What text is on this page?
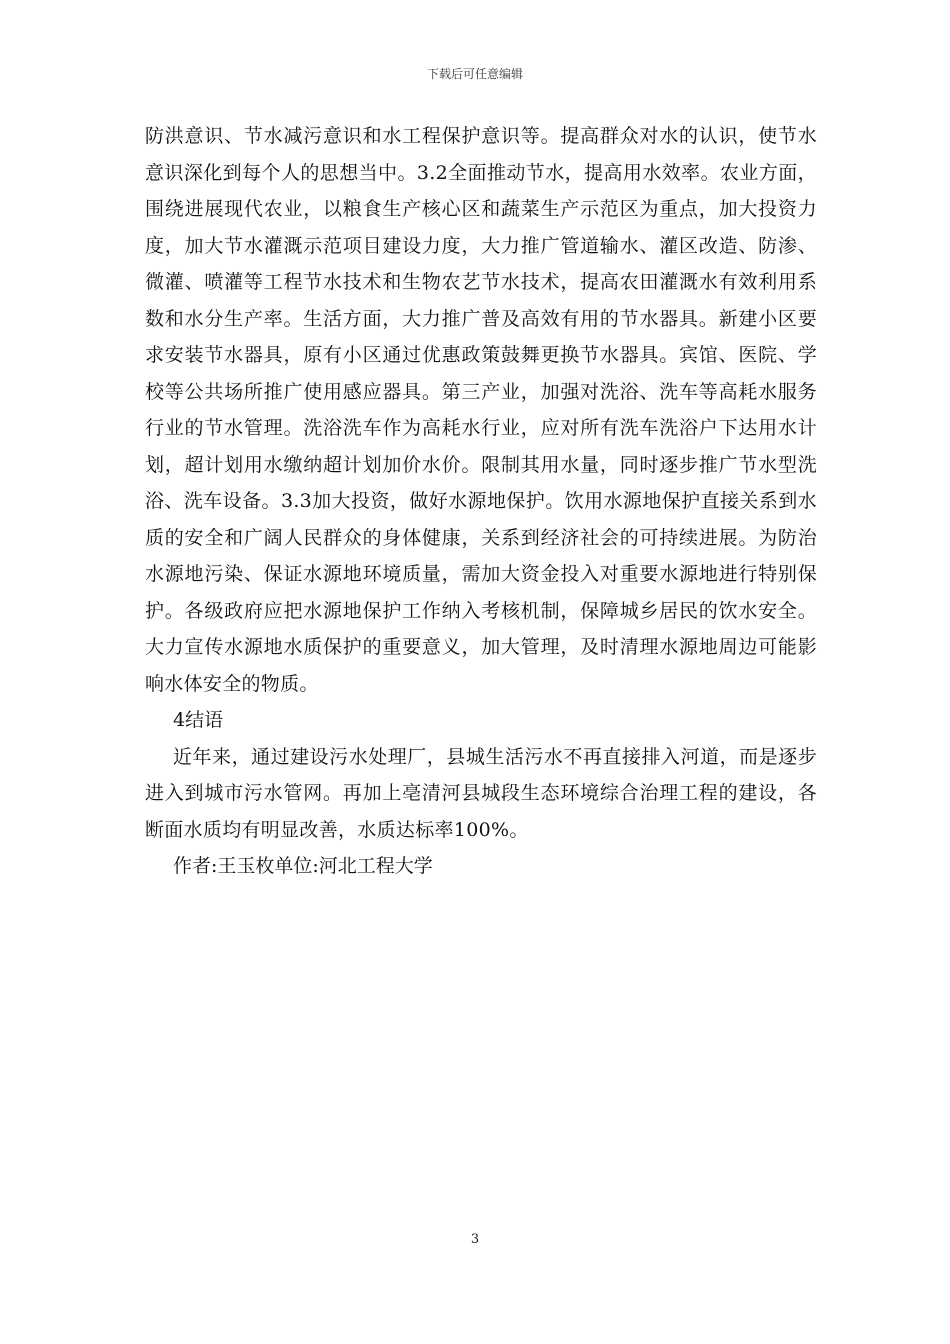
下载后可任意编辑

防洪意识、节水减污意识和水工程保护意识等。提高群众对水的认识，使节水意识深化到每个人的思想当中。3.2全面推动节水，提高用水效率。农业方面，围绕进展现代农业，以粮食生产核心区和蔬菜生产示范区为重点，加大投资力度，加大节水灌溉示范项目建设力度，大力推广管道输水、灌区改造、防渗、微灌、喷灌等工程节水技术和生物农艺节水技术，提高农田灌溉水有效利用系数和水分生产率。生活方面，大力推广普及高效有用的节水器具。新建小区要求安装节水器具，原有小区通过优惠政策鼓舞更换节水器具。宾馆、医院、学校等公共场所推广使用感应器具。第三产业，加强对洗浴、洗车等高耗水服务行业的节水管理。洗浴洗车作为高耗水行业，应对所有洗车洗浴户下达用水计划，超计划用水缴纳超计划加价水价。限制其用水量，同时逐步推广节水型洗浴、洗车设备。3.3加大投资，做好水源地保护。饮用水源地保护直接关系到水质的安全和广阔人民群众的身体健康，关系到经济社会的可持续进展。为防治水源地污染、保证水源地环境质量，需加大资金投入对重要水源地进行特别保护。各级政府应把水源地保护工作纳入考核机制，保障城乡居民的饮水安全。大力宣传水源地水质保护的重要意义，加大管理，及时清理水源地周边可能影响水体安全的物质。

4结语

近年来，通过建设污水处理厂，县城生活污水不再直接排入河道，而是逐步进入到城市污水管网。再加上亳清河县城段生态环境综合治理工程的建设，各断面水质均有明显改善，水质达标率100%。

作者:王玉枚单位:河北工程大学

3
